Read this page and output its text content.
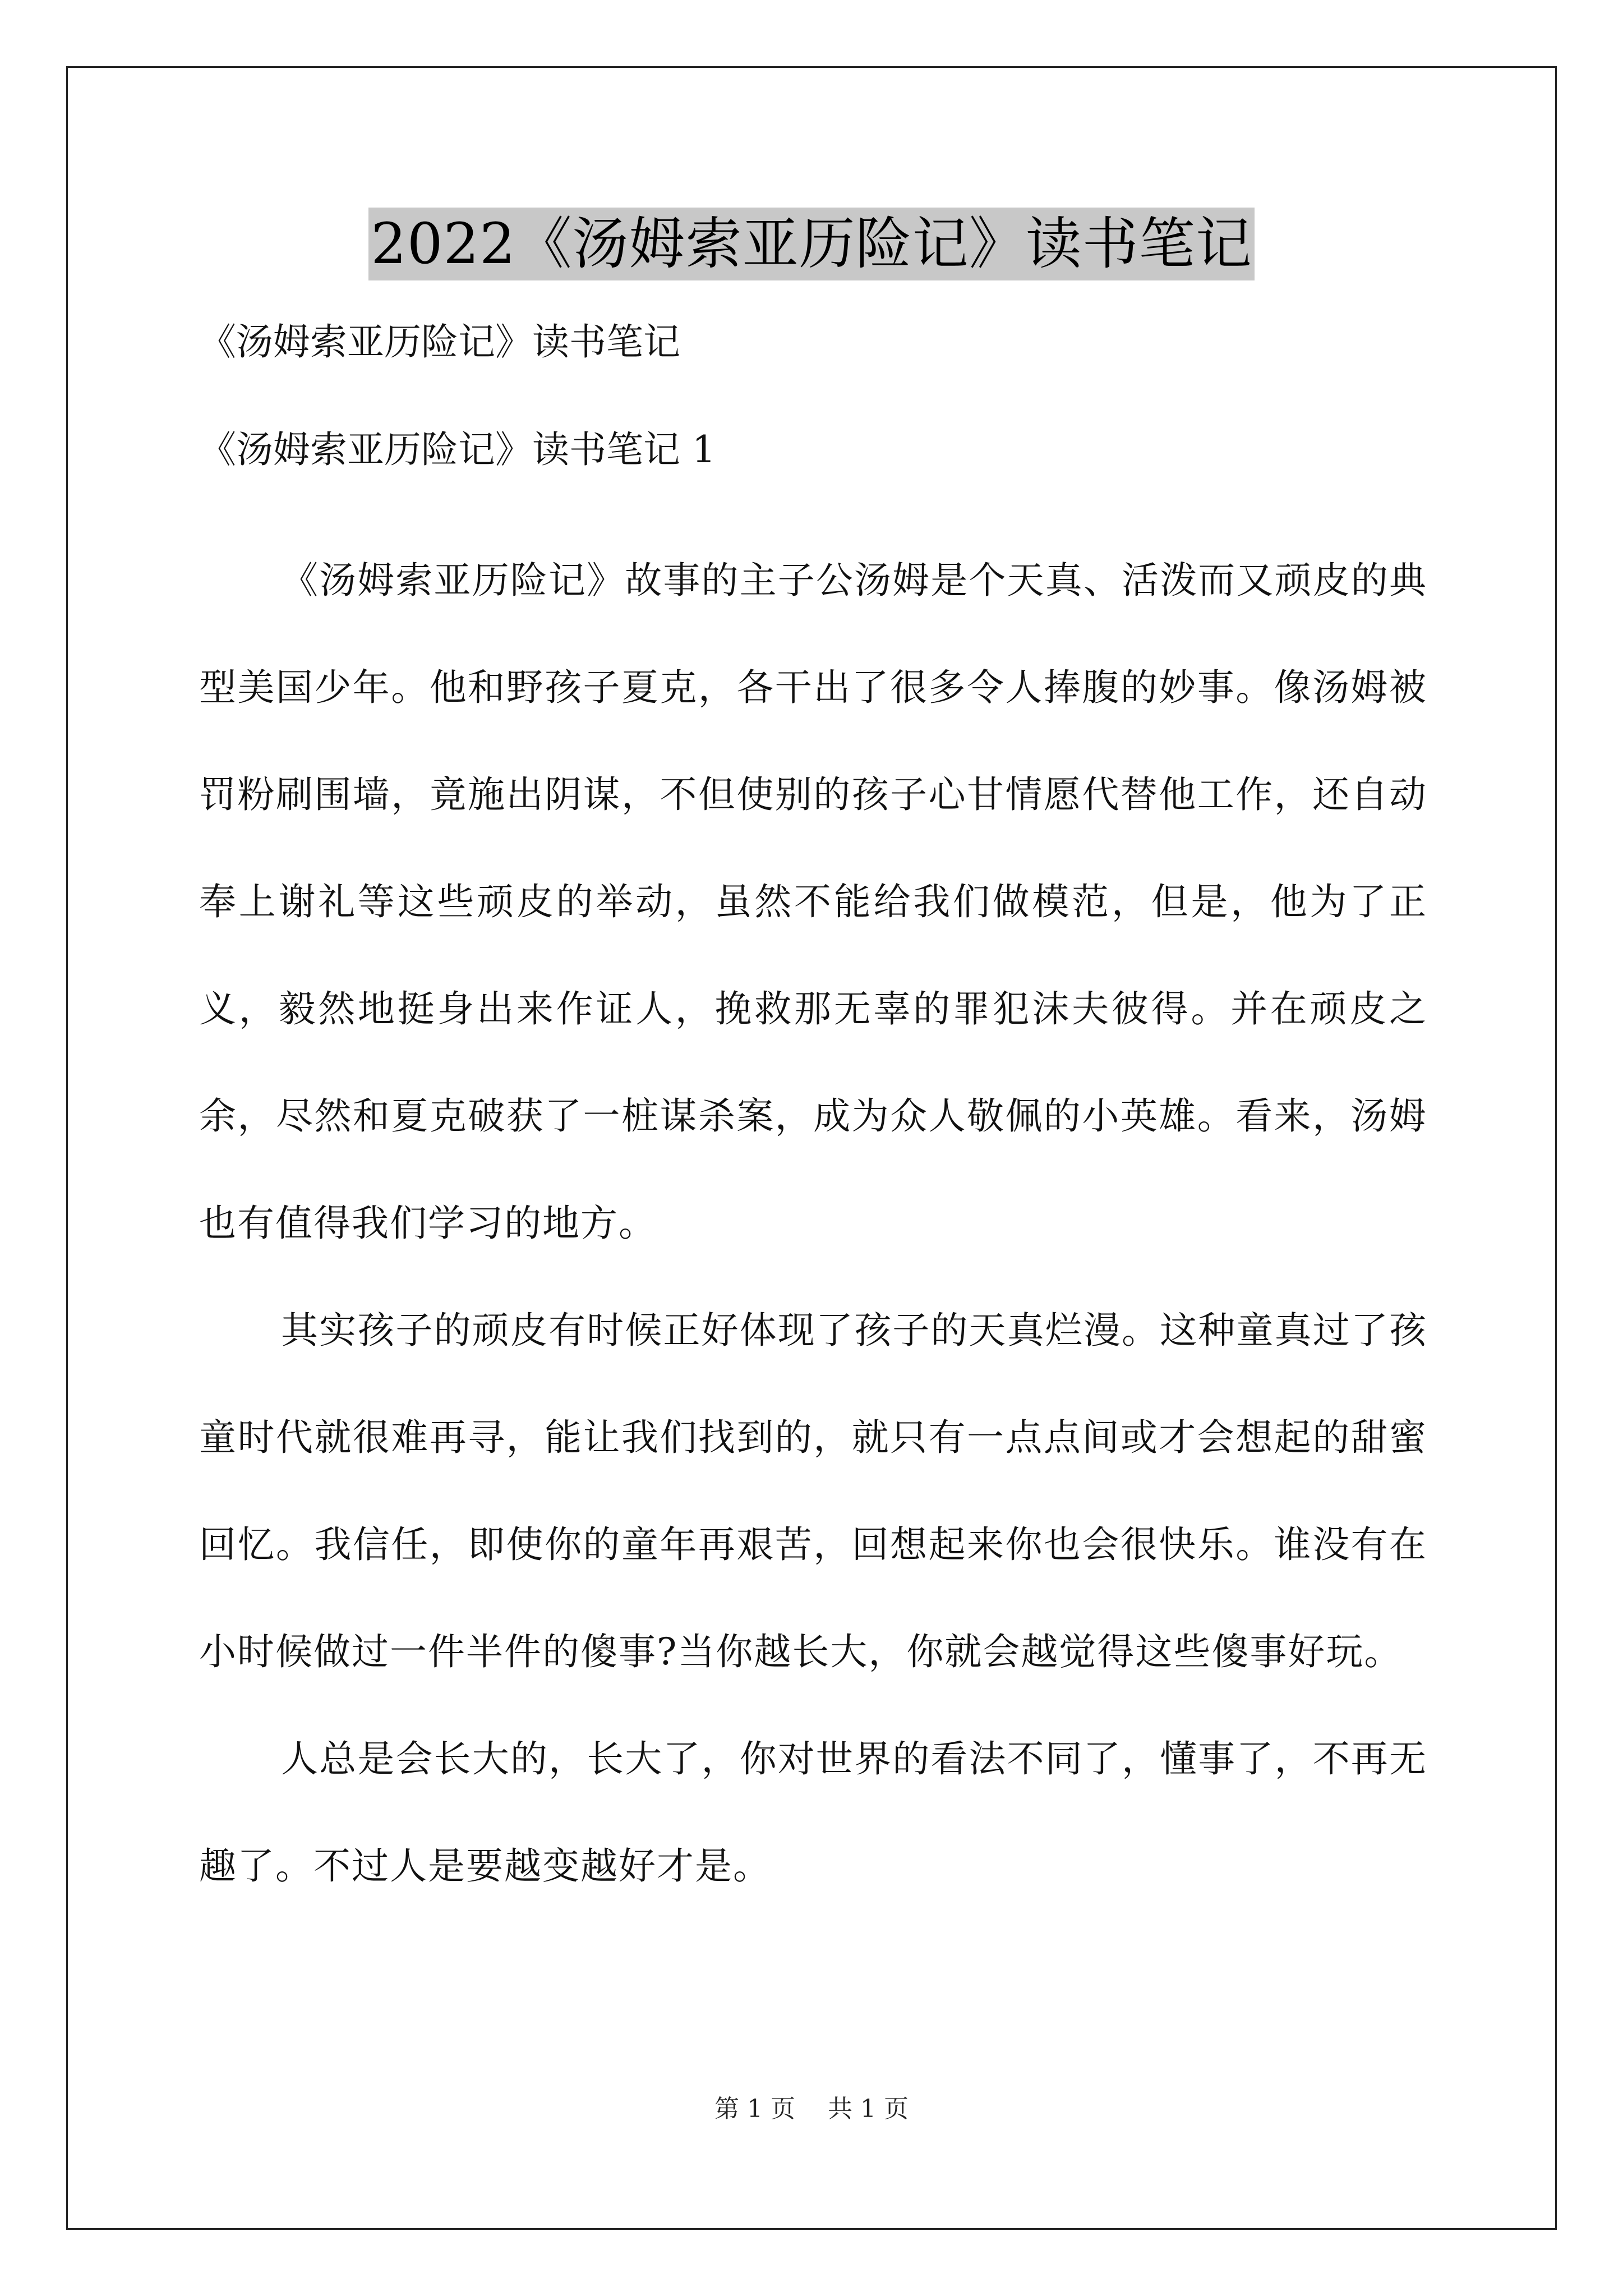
2022《汤姆索亚历险记》读书笔记
《汤姆索亚历险记》读书笔记
《汤姆索亚历险记》读书笔记 1

《汤姆索亚历险记》故事的主子公汤姆是个天真、活泼而又顽皮的典型美国少年。他和野孩子夏克，各干出了很多令人捧腹的妙事。像汤姆被罚粉刷围墙，竟施出阴谋，不但使别的孩子心甘情愿代替他工作，还自动奉上谢礼等这些顽皮的举动，虽然不能给我们做模范，但是，他为了正义，毅然地挺身出来作证人，挽救那无辜的罪犯沫夫彼得。并在顽皮之余，尽然和夏克破获了一桩谋杀案，成为众人敬佩的小英雄。看来，汤姆也有值得我们学习的地方。

其实孩子的顽皮有时候正好体现了孩子的天真烂漫。这种童真过了孩童时代就很难再寻，能让我们找到的，就只有一点点间或才会想起的甜蜜回忆。我信任，即使你的童年再艰苦，回想起来你也会很快乐。谁没有在小时候做过一件半件的傻事?当你越长大，你就会越觉得这些傻事好玩。

人总是会长大的，长大了，你对世界的看法不同了，懂事了，不再无趣了。不过人是要越变越好才是。

第 1 页 共 1 页
